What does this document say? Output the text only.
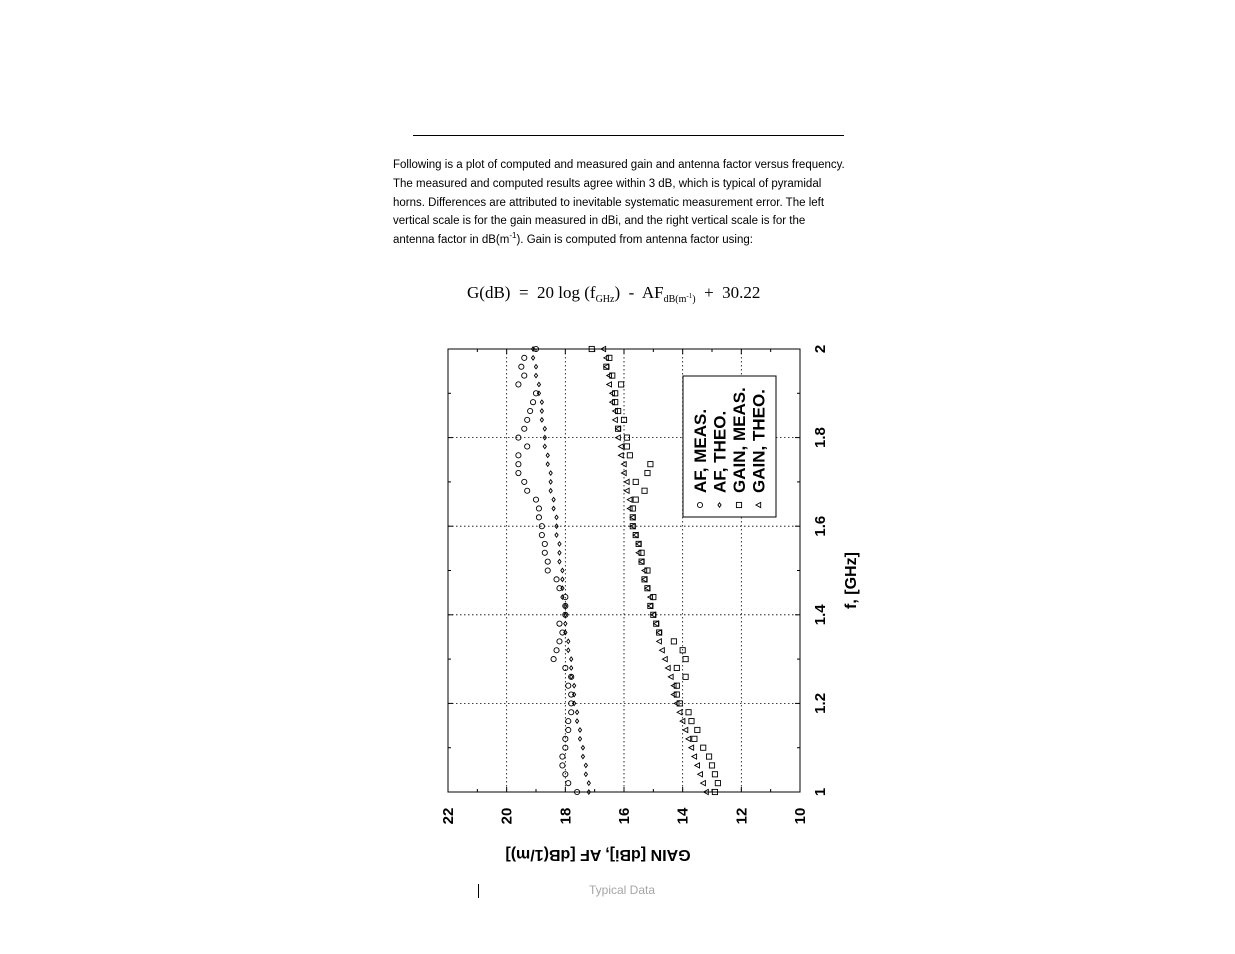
Following is a plot of computed and measured gain and antenna factor versus frequency. The measured and computed results agree within 3 dB, which is typical of pyramidal horns. Differences are attributed to inevitable systematic measurement error. The left vertical scale is for the gain measured in dBi, and the right vertical scale is for the antenna factor in $dB(m^{-1})$. Gain is computed from antenna factor using:
G(dB)  =  20 $\log (f_{GHz}) - AF_{dB(m^{-1})} + 30.22$
10
12
14
16
18
20
22
1
1.2
1.4
1.6
1.8
2
f, [GHz]
GAIN [dBi], AF [dB(1/m)]
AF, MEAS. AF, THEO. GAIN, MEAS. GAIN, THEO.
Typical Data
